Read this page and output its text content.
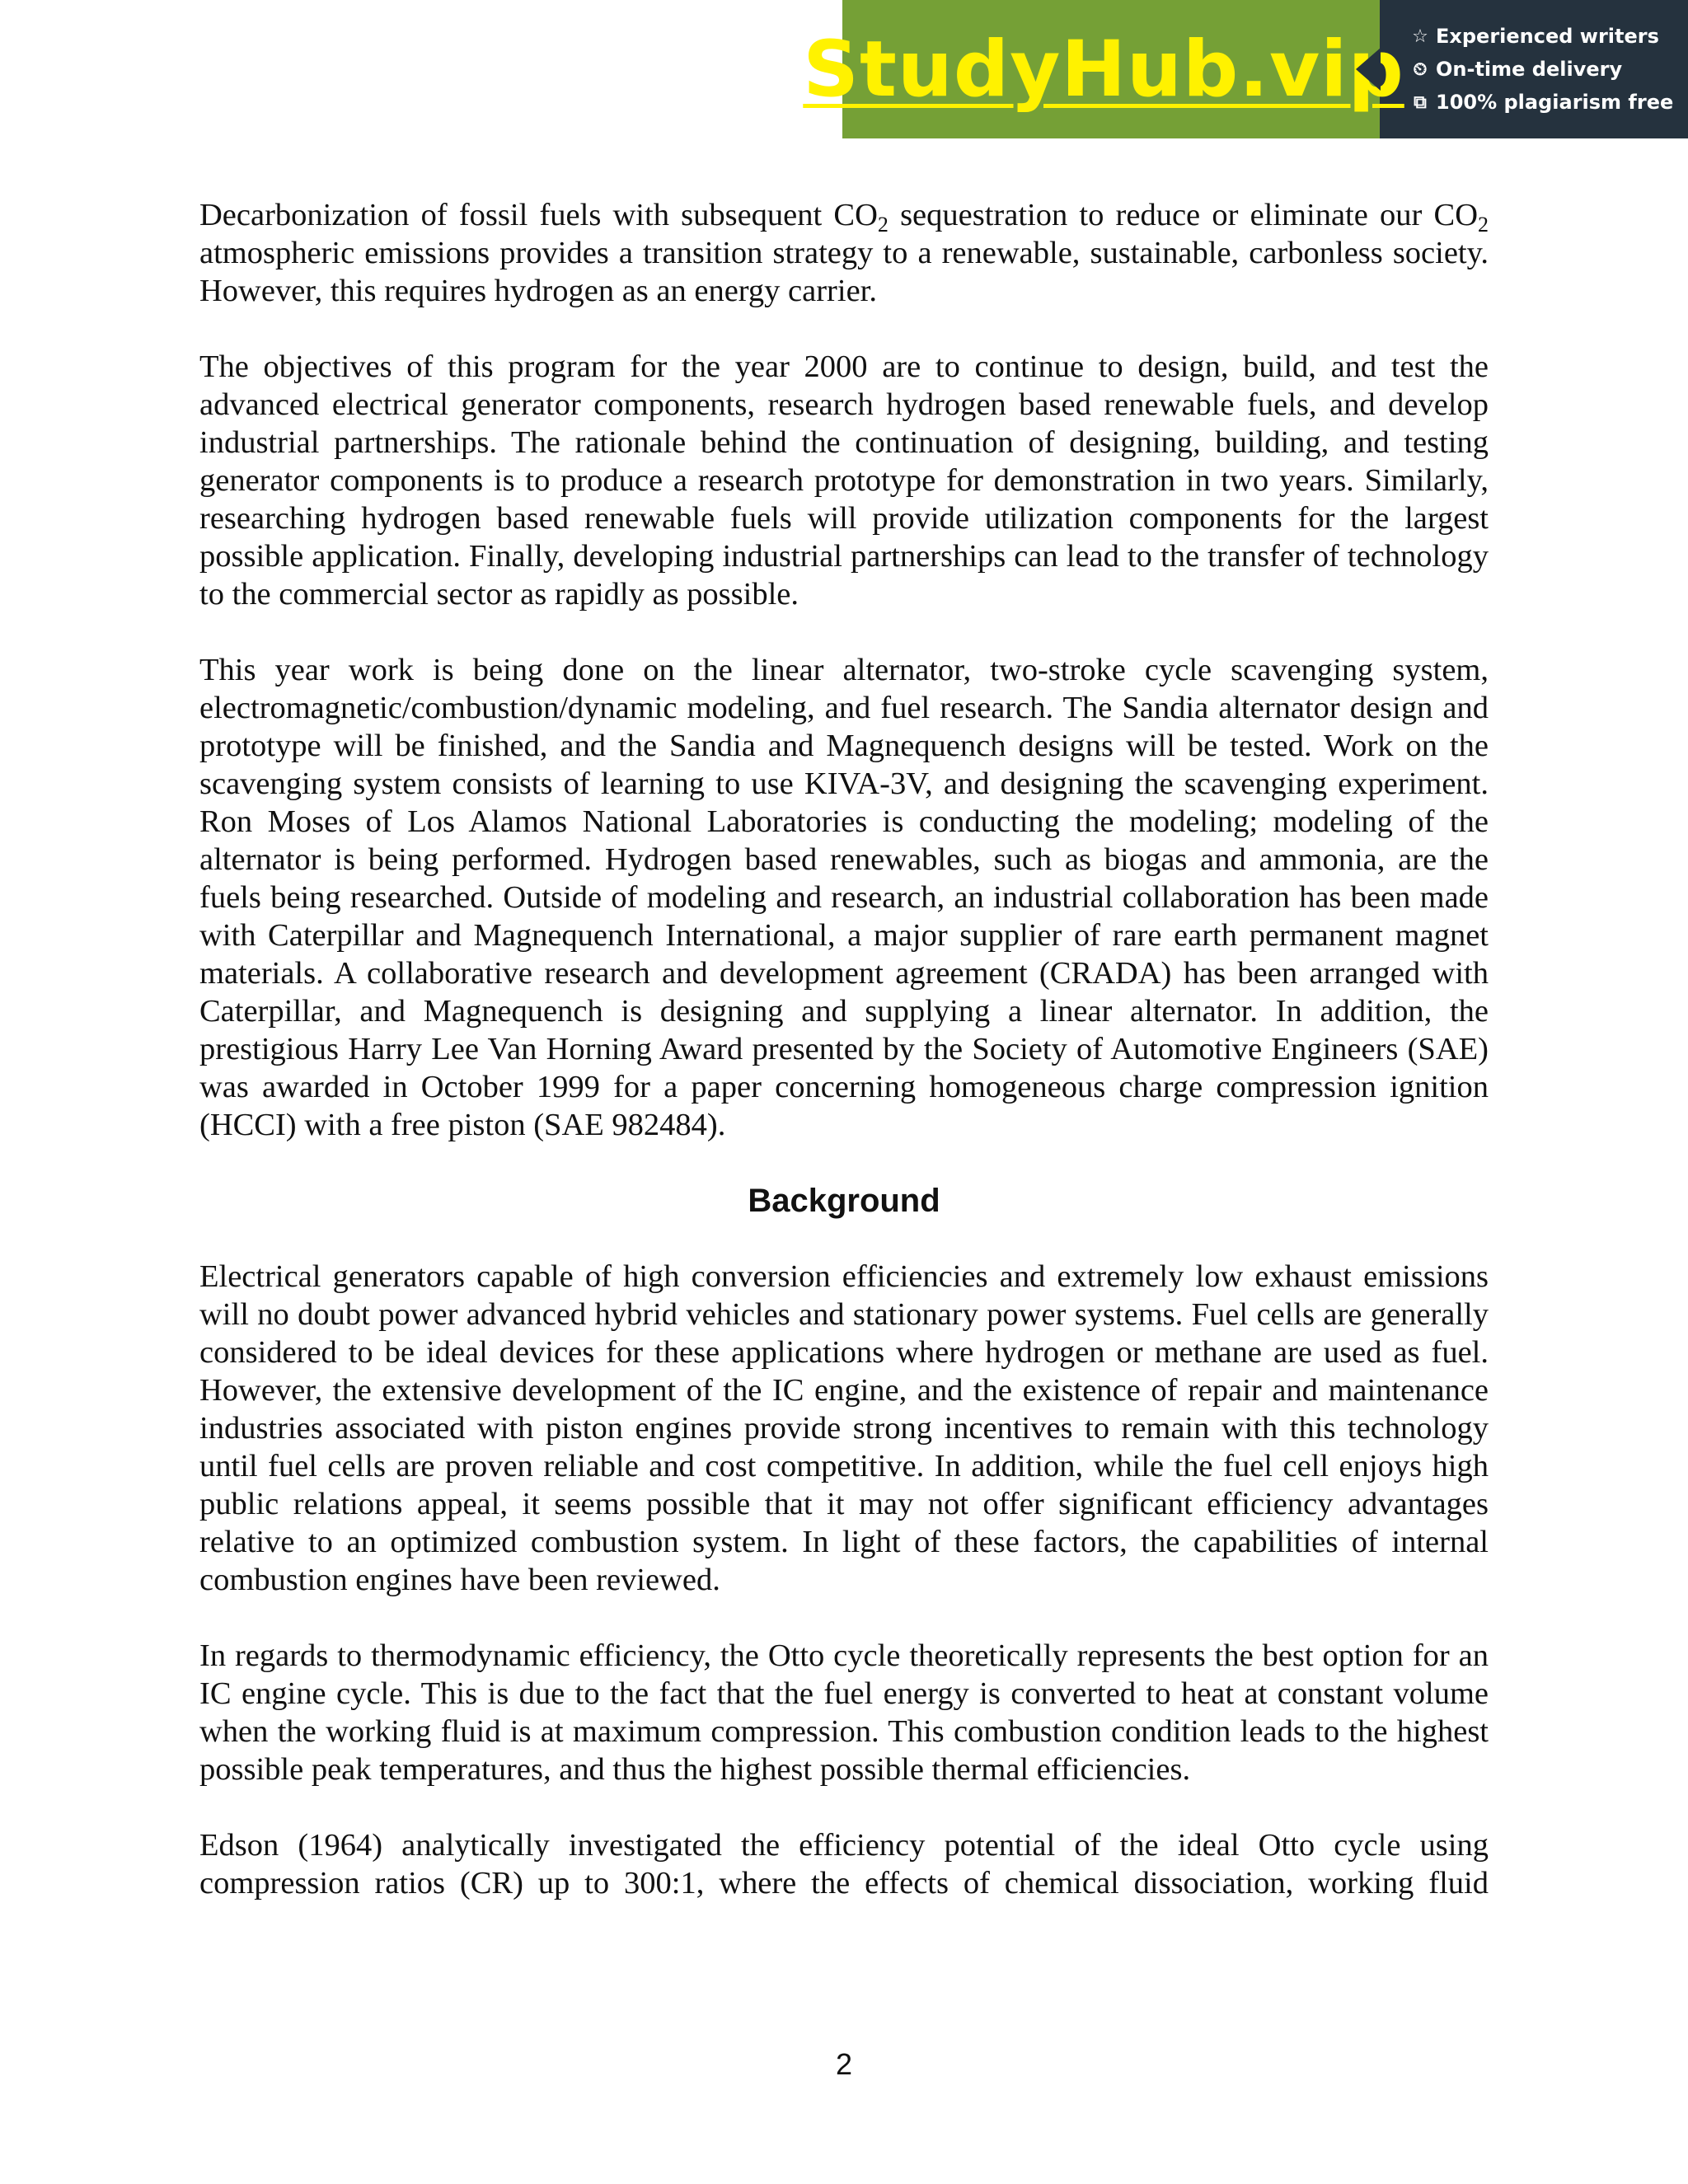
StudyHub.vip ☆ Experienced writers
⏲ On-time delivery
⧉ 100% plagiarism free

Decarbonization of fossil fuels with subsequent $CO_2$ sequestration to reduce or eliminate our $CO_2$ atmospheric emissions provides a transition strategy to a renewable, sustainable, carbonless society. However, this requires hydrogen as an energy carrier.

The objectives of this program for the year 2000 are to continue to design, build, and test the advanced electrical generator components, research hydrogen based renewable fuels, and develop industrial partnerships. The rationale behind the continuation of designing, building, and testing generator components is to produce a research prototype for demonstration in two years. Similarly, researching hydrogen based renewable fuels will provide utilization components for the largest possible application. Finally, developing industrial partnerships can lead to the transfer of technology to the commercial sector as rapidly as possible.

This year work is being done on the linear alternator, two-stroke cycle scavenging system, electromagnetic/combustion/dynamic modeling, and fuel research. The Sandia alternator design and prototype will be finished, and the Sandia and Magnequench designs will be tested. Work on the scavenging system consists of learning to use KIVA-3V, and designing the scavenging experiment. Ron Moses of Los Alamos National Laboratories is conducting the modeling; modeling of the alternator is being performed. Hydrogen based renewables, such as biogas and ammonia, are the fuels being researched. Outside of modeling and research, an industrial collaboration has been made with Caterpillar and Magnequench International, a major supplier of rare earth permanent magnet materials. A collaborative research and development agreement (CRADA) has been arranged with Caterpillar, and Magnequench is designing and supplying a linear alternator. In addition, the prestigious Harry Lee Van Horning Award presented by the Society of Automotive Engineers (SAE) was awarded in October 1999 for a paper concerning homogeneous charge compression ignition (HCCI) with a free piston (SAE 982484).

Background

Electrical generators capable of high conversion efficiencies and extremely low exhaust emissions will no doubt power advanced hybrid vehicles and stationary power systems. Fuel cells are generally considered to be ideal devices for these applications where hydrogen or methane are used as fuel. However, the extensive development of the IC engine, and the existence of repair and maintenance industries associated with piston engines provide strong incentives to remain with this technology until fuel cells are proven reliable and cost competitive. In addition, while the fuel cell enjoys high public relations appeal, it seems possible that it may not offer significant efficiency advantages relative to an optimized combustion system. In light of these factors, the capabilities of internal combustion engines have been reviewed.

In regards to thermodynamic efficiency, the Otto cycle theoretically represents the best option for an IC engine cycle. This is due to the fact that the fuel energy is converted to heat at constant volume when the working fluid is at maximum compression. This combustion condition leads to the highest possible peak temperatures, and thus the highest possible thermal efficiencies.

Edson (1964) analytically investigated the efficiency potential of the ideal Otto cycle using compression ratios (CR) up to 300:1, where the effects of chemical dissociation, working fluid

2
